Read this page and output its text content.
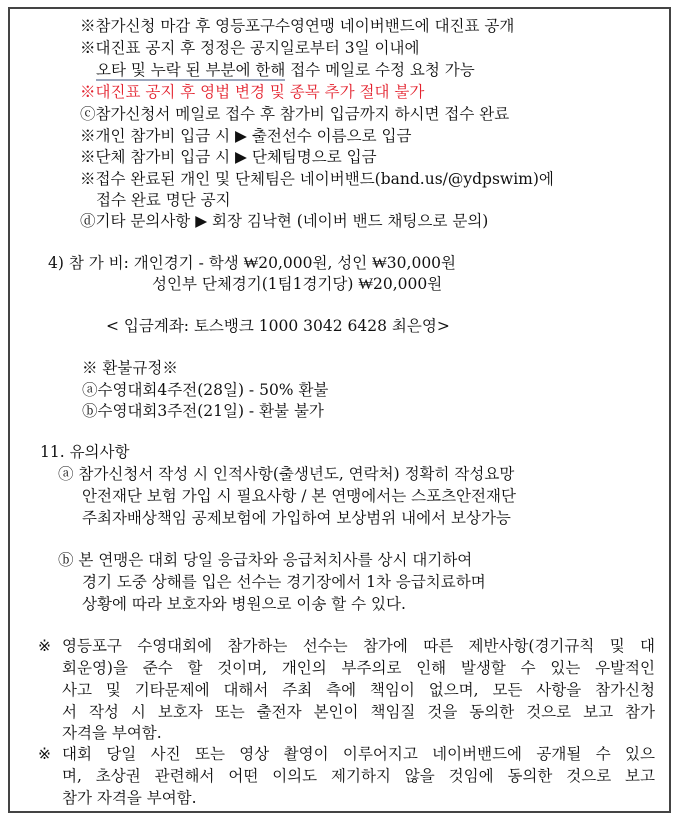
※참가신청 마감 후 영등포구수영연맹 네이버밴드에 대진표 공개
※대진표 공지 후 정정은 공지일로부터 3일 이내에
오타 및 누락 된 부분에 한해 접수 메일로 수정 요청 가능
※대진표 공지 후 영법 변경 및 종목 추가 절대 불가
ⓒ참가신청서 메일로 접수 후 참가비 입금까지 하시면 접수 완료
※개인 참가비 입금 시 ▶ 출전선수 이름으로 입금
※단체 참가비 입금 시 ▶ 단체팀명으로 입금
※접수 완료된 개인 및 단체팀은 네이버밴드(band.us/@ydpswim)에
접수 완료 명단 공지
ⓓ기타 문의사항 ▶ 회장 김낙현 (네이버 밴드 채팅으로 문의)
4) 참 가 비: 개인경기 - 학생 ₩20,000원, 성인 ₩30,000원
성인부 단체경기(1팀1경기당) ₩20,000원
< 입금계좌: 토스뱅크 1000 3042 6428 최은영>
※ 환불규정※
ⓐ수영대회4주전(28일) - 50% 환불
ⓑ수영대회3주전(21일) - 환불 불가
11. 유의사항
ⓐ 참가신청서 작성 시 인적사항(출생년도, 연락처) 정확히 작성요망
안전재단 보험 가입 시 필요사항 / 본 연맹에서는 스포츠안전재단
주최자배상책임 공제보험에 가입하여 보상범위 내에서 보상가능
ⓑ 본 연맹은 대회 당일 응급차와 응급처치사를 상시 대기하여
경기 도중 상해를 입은 선수는 경기장에서 1차 응급치료하며
상황에 따라 보호자와 병원으로 이송 할 수 있다.
※ 영등포구 수영대회에 참가하는 선수는 참가에 따른 제반사항(경기규칙 및 대
회운영)을 준수 할 것이며, 개인의 부주의로 인해 발생할 수 있는 우발적인
사고 및 기타문제에 대해서 주최 측에 책임이 없으며, 모든 사항을 참가신청
서 작성 시 보호자 또는 출전자 본인이 책임질 것을 동의한 것으로 보고 참가
자격을 부여함.
※ 대회 당일 사진 또는 영상 촬영이 이루어지고 네이버밴드에 공개될 수 있으
며, 초상권 관련해서 어떤 이의도 제기하지 않을 것임에 동의한 것으로 보고
참가 자격을 부여함.
